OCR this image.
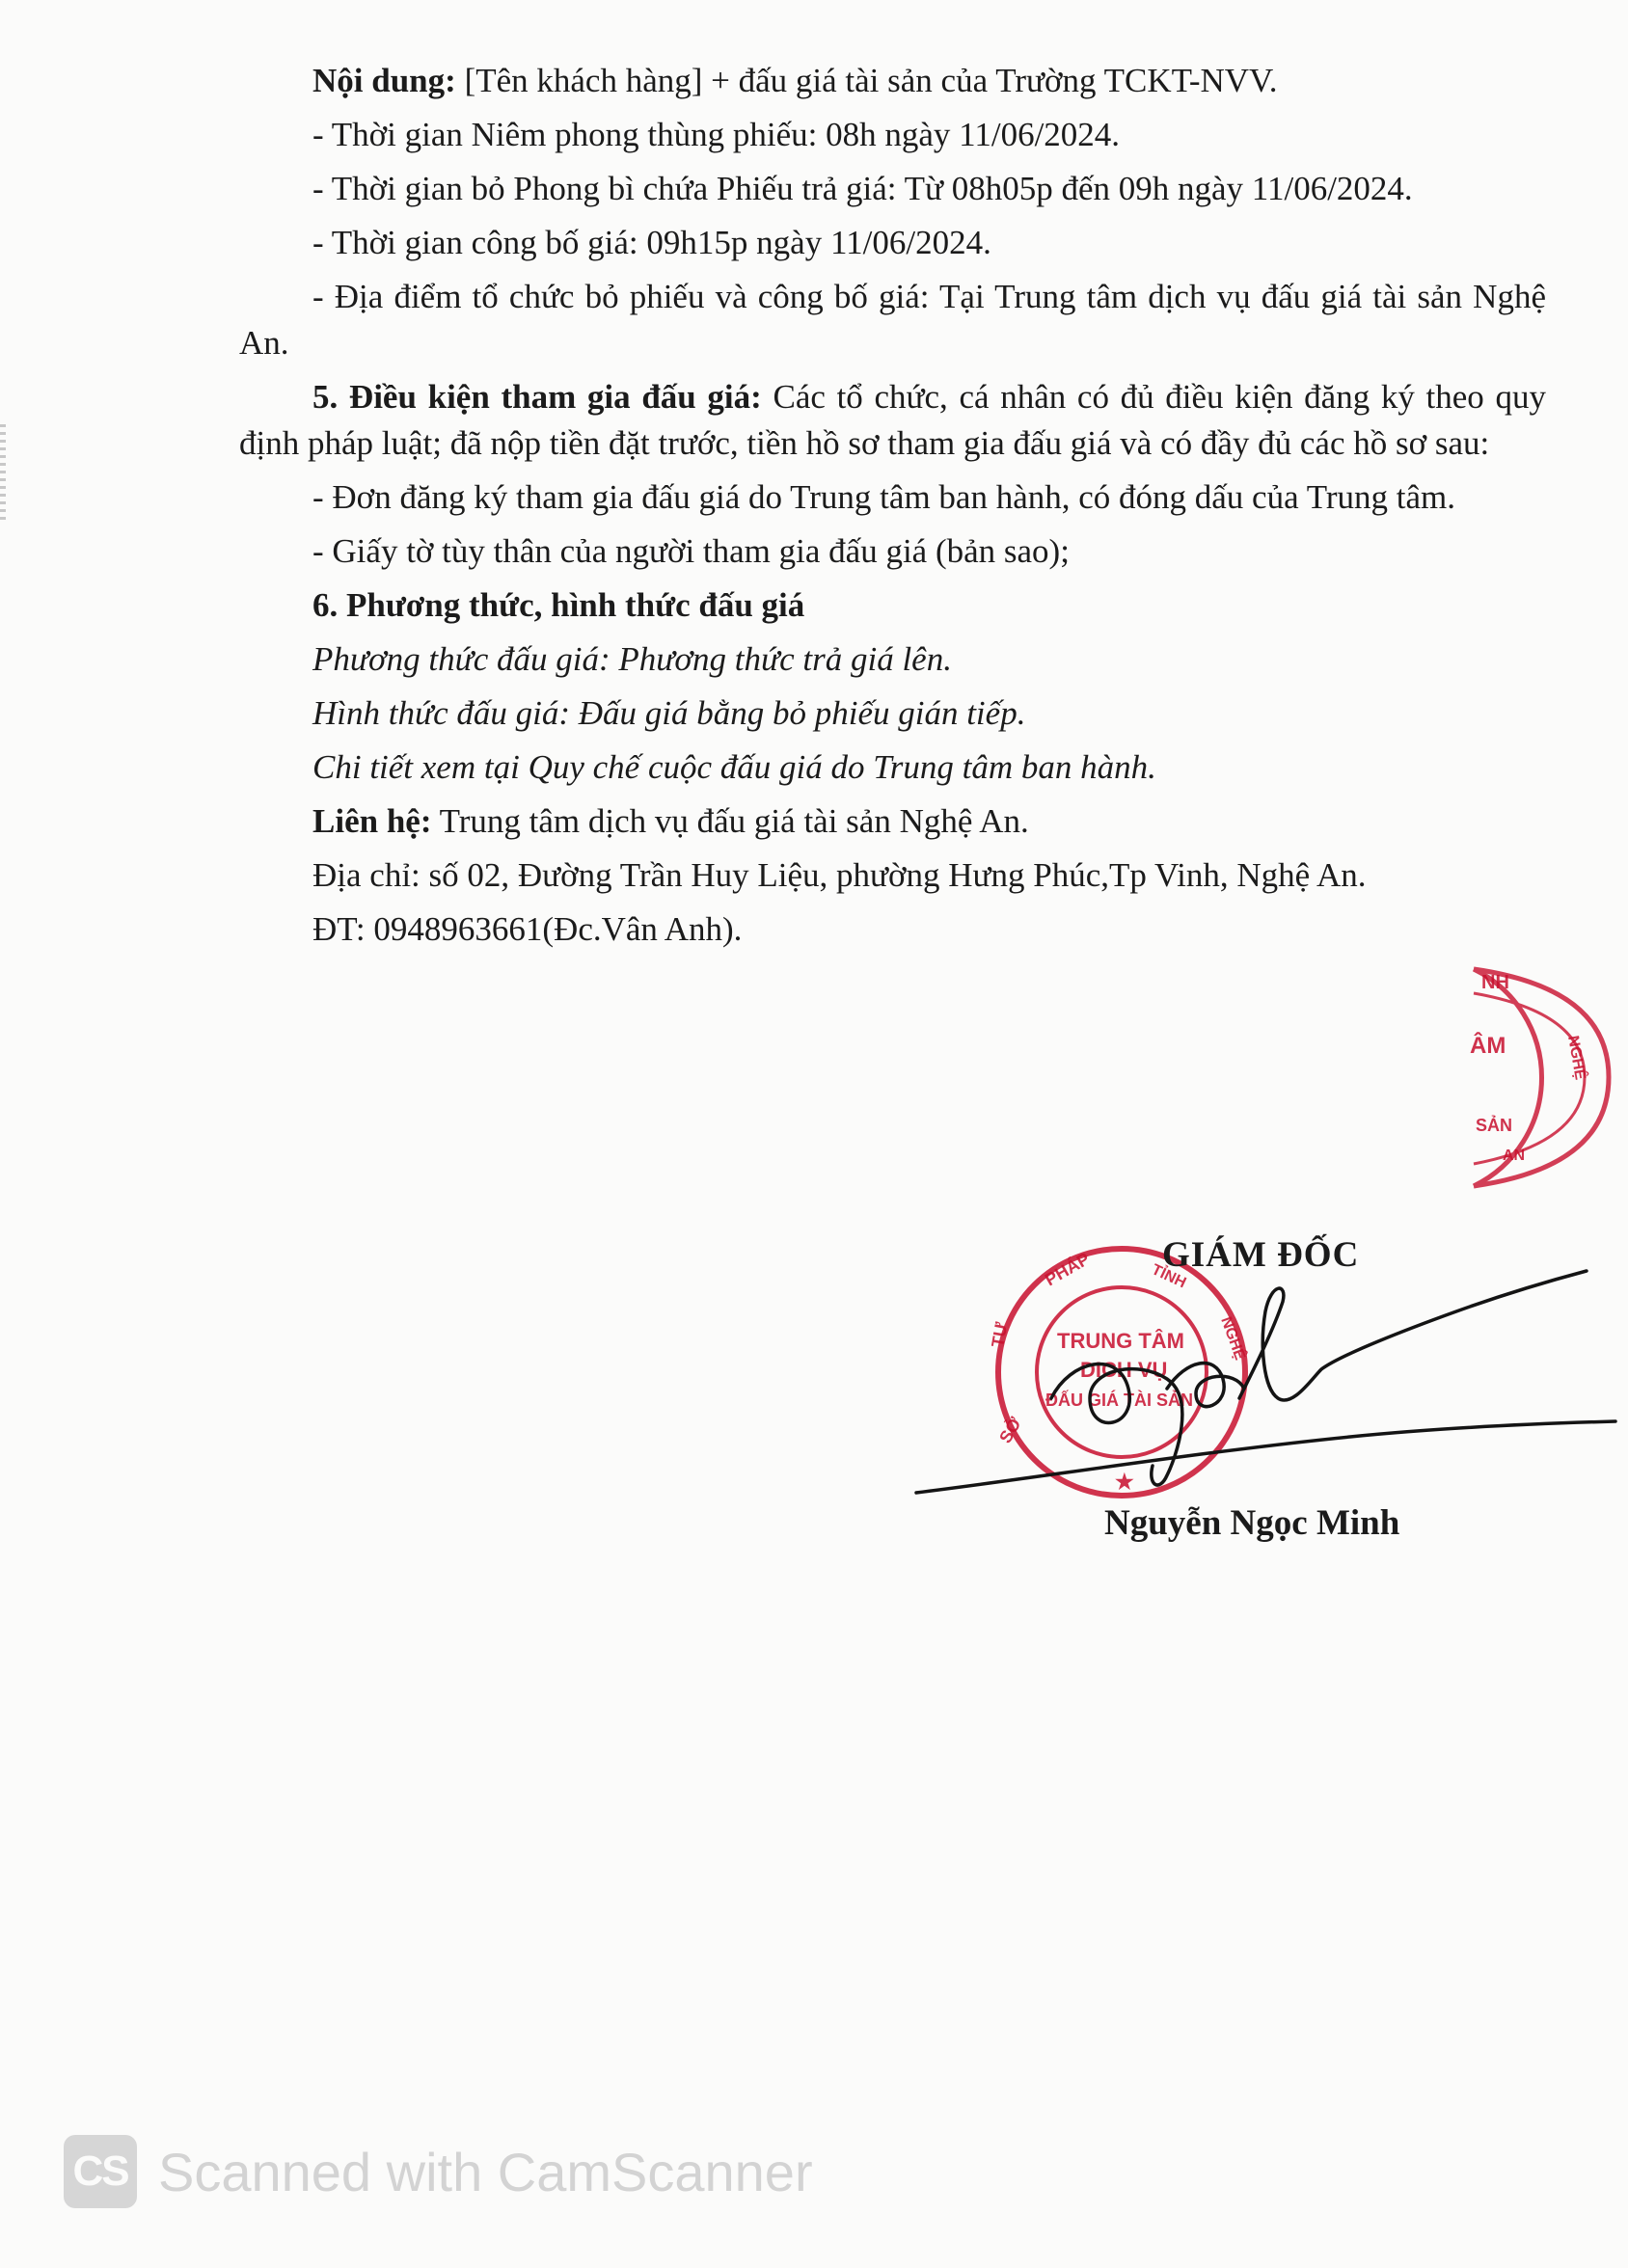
Nội dung: [Tên khách hàng] + đấu giá tài sản của Trường TCKT-NVV.

- Thời gian Niêm phong thùng phiếu: 08h ngày 11/06/2024.

- Thời gian bỏ Phong bì chứa Phiếu trả giá: Từ 08h05p đến 09h ngày 11/06/2024.

- Thời gian công bố giá: 09h15p ngày 11/06/2024.

- Địa điểm tổ chức bỏ phiếu và công bố giá: Tại Trung tâm dịch vụ đấu giá tài sản Nghệ An.

5. Điều kiện tham gia đấu giá: Các tổ chức, cá nhân có đủ điều kiện đăng ký theo quy định pháp luật; đã nộp tiền đặt trước, tiền hồ sơ tham gia đấu giá và có đầy đủ các hồ sơ sau:

- Đơn đăng ký tham gia đấu giá do Trung tâm ban hành, có đóng dấu của Trung tâm.

- Giấy tờ tùy thân của người tham gia đấu giá (bản sao);

6. Phương thức, hình thức đấu giá

Phương thức đấu giá: Phương thức trả giá lên.

Hình thức đấu giá: Đấu giá bằng bỏ phiếu gián tiếp.

Chi tiết xem tại Quy chế cuộc đấu giá do Trung tâm ban hành.

Liên hệ: Trung tâm dịch vụ đấu giá tài sản Nghệ An.

Địa chỉ: số 02, Đường Trần Huy Liệu, phường Hưng Phúc,Tp Vinh, Nghệ An.

ĐT: 0948963661(Đc.Vân Anh).

NH
ÂM
SẢN
AN
NGHỆ
TRUNG TÂM
DỊCH VỤ
ĐẤU GIÁ TÀI SẢN
SỞ
TƯ
PHÁP	TỈNH
NGHỆ
★
GIÁM ĐỐC
Nguyễn Ngọc Minh
CS Scanned with CamScanner
